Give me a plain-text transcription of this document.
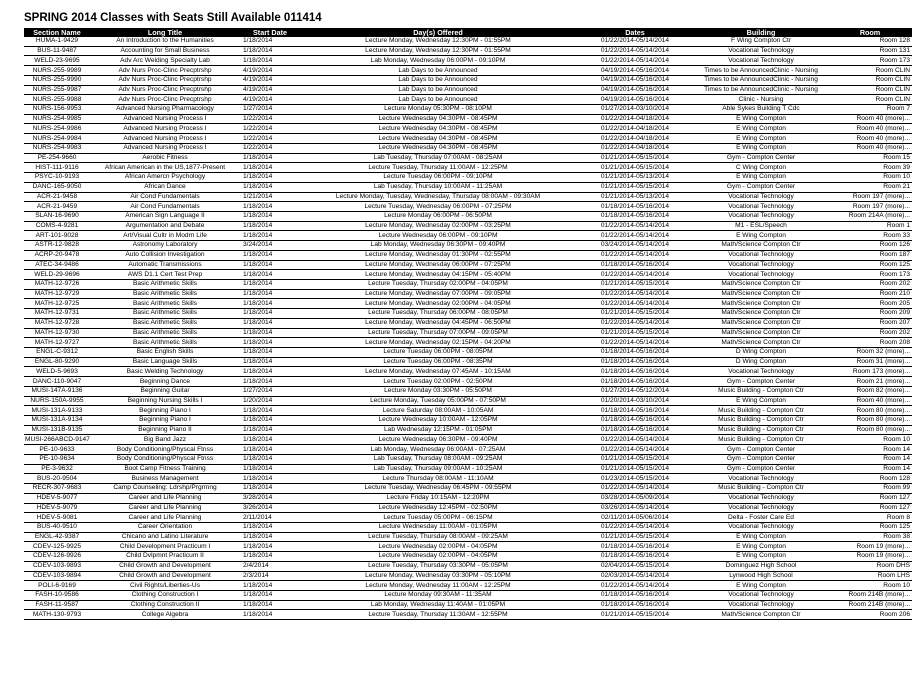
SPRING 2014 Classes with Seats Still Available 011414
Section Name	Long Title	Start Date	Day(s) Offered	Dates	Building	Room
HUMA-1-9429	An Introduction to the Humanities	1/18/2014	Lecture Monday, Wednesday 12:30PM - 01:55PM	01/22/2014-05/14/2014	F Wing Compton Ctr	Room 128
BUS-11-9487	Accounting for Small Business	1/18/2014	Lecture Monday, Wednesday 12:30PM - 01:55PM	01/22/2014-05/14/2014	Vocational Technology	Room 131
WELD-23-9695	Adv Arc Welding Specialty Lab	1/18/2014	Lab Monday, Wednesday 06:00PM - 09:10PM	01/22/2014-05/14/2014	Vocational Technology	Room 173
NURS-255-9989	Adv Nurs Proc-Clinc Precptrshp	4/19/2014	Lab Days to be Announced	04/19/2014-05/16/2014	Times to be AnnouncedClinic - Nursing	Room CLIN
NURS-255-9990	Adv Nurs Proc-Clinc Precptrshp	4/19/2014	Lab Days to be Announced	04/19/2014-05/16/2014	Times to be AnnouncedClinic - Nursing	Room CLIN
NURS-255-9987	Adv Nurs Proc-Clinc Precptrshp	4/19/2014	Lab Days to be Announced	04/19/2014-05/16/2014	Times to be AnnouncedClinic - Nursing	Room CLIN
NURS-255-9988	Adv Nurs Proc-Clinc Precptrshp	4/19/2014	Lab Days to be Announced	04/19/2014-05/16/2014	Clinic - Nursing	Room CLIN
NURS-156-9953	Advanced Nursing Pharmacology	1/27/2014	Lecture Monday 05:30PM - 08:10PM	01/27/2014-03/10/2014	Able Sykes Building T Cdc	Room 7
NURS-254-9985	Advanced Nursing Process I	1/22/2014	Lecture Wednesday 04:30PM - 08:45PM	01/22/2014-04/18/2014	E Wing Compton	Room 40 (more)...
NURS-254-9986	Advanced Nursing Process I	1/22/2014	Lecture Wednesday 04:30PM - 08:45PM	01/22/2014-04/18/2014	E Wing Compton	Room 40 (more)...
NURS-254-9984	Advanced Nursing Process I	1/22/2014	Lecture Wednesday 04:30PM - 08:45PM	01/22/2014-04/18/2014	E Wing Compton	Room 40 (more)...
NURS-254-9983	Advanced Nursing Process I	1/22/2014	Lecture Wednesday 04:30PM - 08:45PM	01/22/2014-04/18/2014	E Wing Compton	Room 40 (more)...
PE-254-9660	Aerobic Fitness	1/18/2014	Lab Tuesday, Thursday 07:00AM - 08:25AM	01/21/2014-05/15/2014	Gym - Compton Center	Room 15
HIST-111-9116	African American in the US,1877-Present	1/18/2014	Lecture Tuesday, Thursday 11:00AM - 12:25PM	01/21/2014-05/15/2014	C Wing Compton	Room 39
PSYC-10-9193	African Amercn Psychology	1/18/2014	Lecture Tuesday 06:00PM - 09:10PM	01/21/2014-05/13/2014	E Wing Compton	Room 10
DANC-165-9050	African Dance	1/18/2014	Lab Tuesday, Thursday 10:00AM - 11:25AM	01/21/2014-05/15/2014	Gym - Compton Center	Room 21
ACR-21-9458	Air Cond Fundamentals	1/21/2014	Lecture Monday, Tuesday, Wednesday, Thursday 08:00AM - 09:30AM	01/21/2014-05/13/2014	Vocational Technology	Room 197 (more)...
ACR-21-9459	Air Cond Fundamentals	1/18/2014	Lecture Tuesday, Wednesday 06:00PM - 07:25PM	01/18/2014-05/16/2014	Vocational Technology	Room 197 (more)...
SLAN-16-9690	American Sign Language II	1/18/2014	Lecture Monday 06:00PM - 06:50PM	01/18/2014-05/16/2014	Vocational Technology	Room 214A (more)...
COMS-4-9281	Argumentation and Debate	1/18/2014	Lecture Monday, Wednesday 02:00PM - 03:25PM	01/22/2014-05/14/2014	M1 - ESL/Speech	Room 1
ART-101-9028	Art/Visual Cultr in Modrn Life	1/18/2014	Lecture Wednesday 06:00PM - 09:10PM	01/22/2014-05/14/2014	E Wing Compton	Room 33
ASTR-12-9828	Astronomy Laboratory	3/24/2014	Lab Monday, Wednesday 06:30PM - 09:40PM	03/24/2014-05/14/2014	Math/Science Compton Ctr	Room 126
ACRP-20-9478	Auto Collision Investigation	1/18/2014	Lecture Monday, Wednesday 01:30PM - 02:55PM	01/22/2014-05/14/2014	Vocational Technology	Room 187
ATEC-34-9486	Automatic Transmissions	1/18/2014	Lecture Monday, Wednesday 06:00PM - 07:25PM	01/18/2014-05/16/2014	Vocational Technology	Room 125
WELD-29-9696	AWS D1.1 Cert Test Prep	1/18/2014	Lecture Monday, Wednesday 04:15PM - 05:40PM	01/22/2014-05/14/2014	Vocational Technology	Room 173
MATH-12-9726	Basic Arithmetic Skills	1/18/2014	Lecture Tuesday, Thursday 02:00PM - 04:05PM	01/21/2014-05/15/2014	Math/Science Compton Ctr	Room 202
MATH-12-9729	Basic Arithmetic Skills	1/18/2014	Lecture Monday, Wednesday 07:00PM - 09:05PM	01/22/2014-05/14/2014	Math/Science Compton Ctr	Room 210
MATH-12-9725	Basic Arithmetic Skills	1/18/2014	Lecture Monday, Wednesday 02:00PM - 04:05PM	01/22/2014-05/14/2014	Math/Science Compton Ctr	Room 205
MATH-12-9731	Basic Arithmetic Skills	1/18/2014	Lecture Tuesday, Thursday 06:00PM - 08:05PM	01/21/2014-05/15/2014	Math/Science Compton Ctr	Room 209
MATH-12-9728	Basic Arithmetic Skills	1/18/2014	Lecture Monday, Wednesday 04:45PM - 06:50PM	01/22/2014-05/14/2014	Math/Science Compton Ctr	Room 207
MATH-12-9730	Basic Arithmetic Skills	1/18/2014	Lecture Tuesday, Thursday 07:00PM - 09:05PM	01/21/2014-05/15/2014	Math/Science Compton Ctr	Room 202
MATH-12-9727	Basic Arithmetic Skills	1/18/2014	Lecture Monday, Wednesday 02:15PM - 04:20PM	01/22/2014-05/14/2014	Math/Science Compton Ctr	Room 208
ENGL-C-9312	Basic English Skills	1/18/2014	Lecture Tuesday 06:00PM - 08:05PM	01/18/2014-05/16/2014	D Wing Compton	Room 32 (more)...
ENGL-80-9290	Basic Language Skills	1/18/2014	Lecture Tuesday 06:00PM - 08:35PM	01/18/2014-05/16/2014	D Wing Compton	Room 31 (more)...
WELD-5-9693	Basic Welding Technology	1/18/2014	Lecture Monday, Wednesday 07:45AM - 10:15AM	01/18/2014-05/16/2014	Vocational Technology	Room 173 (more)...
DANC-110-9047	Beginning Dance	1/18/2014	Lecture Tuesday 02:00PM - 02:50PM	01/18/2014-05/16/2014	Gym - Compton Center	Room 21 (more)...
MUSI-147A-9136	Beginning Guitar	1/27/2014	Lecture Monday 03:30PM - 05:50PM	01/27/2014-05/12/2014	Music Building - Compton Ctr	Room 82 (more)...
NURS-150A-9955	Beginning Nursing Skills I	1/20/2014	Lecture Monday, Tuesday 05:00PM - 07:50PM	01/20/2014-03/10/2014	E Wing Compton	Room 40 (more)...
MUSI-131A-9133	Beginning Piano I	1/18/2014	Lecture Saturday 08:00AM - 10:05AM	01/18/2014-05/16/2014	Music Building - Compton Ctr	Room 80 (more)...
MUSI-131A-9134	Beginning Piano I	1/18/2014	Lecture Wednesday 10:00AM - 12:05PM	01/18/2014-05/16/2014	Music Building - Compton Ctr	Room 80 (more)...
MUSI-131B-9135	Beginning Piano II	1/18/2014	Lab Wednesday 12:15PM - 01:05PM	01/18/2014-05/16/2014	Music Building - Compton Ctr	Room 80 (more)...
MUSI-266ABCD-9147	Big Band Jazz	1/18/2014	Lecture Wednesday 06:30PM - 09:40PM	01/22/2014-05/14/2014	Music Building - Compton Ctr	Room 10
PE-10-9633	Body Conditioning/Physcal Ftnss	1/18/2014	Lab Monday, Wednesday 06:00AM - 07:25AM	01/22/2014-05/14/2014	Gym - Compton Center	Room 14
PE-10-9634	Body Conditioning/Physcal Ftnss	1/18/2014	Lab Tuesday, Thursday 08:00AM - 09:25AM	01/21/2014-05/15/2014	Gym - Compton Center	Room 14
PE-3-9632	Boot Camp Fitness Training	1/18/2014	Lab Tuesday, Thursday 09:00AM - 10:25AM	01/21/2014-05/15/2014	Gym - Compton Center	Room 14
BUS-20-9504	Business Management	1/18/2014	Lecture Thursday 08:00AM - 11:10AM	01/23/2014-05/15/2014	Vocational Technology	Room 128
RECR-307-9683	Camp Counseling: Ldrshp/Prgrmng	1/18/2014	Lecture Tuesday, Wednesday 06:45PM - 09:55PM	01/22/2014-05/14/2014	Music Building - Compton Ctr	Room 99
HDEV-5-9077	Career and Life Planning	3/28/2014	Lecture Friday 10:15AM - 12:20PM	03/28/2014-05/09/2014	Vocational Technology	Room 127
HDEV-5-9079	Career and Life Planning	3/26/2014	Lecture Wednesday 12:45PM - 02:50PM	03/26/2014-05/14/2014	Vocational Technology	Room 127
HDEV-5-9081	Career and Life Planning	2/11/2014	Lecture Tuesday 05:00PM - 06:15PM	02/11/2014-05/06/2014	Delta - Foster Care Ed	Room 8
BUS-40-9510	Career Orientation	1/18/2014	Lecture Wednesday 11:00AM - 01:05PM	01/22/2014-05/14/2014	Vocational Technology	Room 125
ENGL-42-9387	Chicano and Latino Literature	1/18/2014	Lecture Tuesday, Thursday 08:00AM - 09:25AM	01/21/2014-05/15/2014	E Wing Compton	Room 38
CDEV-125-9925	Child Development Practicum I	1/18/2014	Lecture Wednesday 02:00PM - 04:05PM	01/18/2014-05/16/2014	E Wing Compton	Room 19 (more)...
CDEV-126-9926	Child Dvlpmnt Practicum II	1/18/2014	Lecture Wednesday 02:00PM - 04:05PM	01/18/2014-05/16/2014	E Wing Compton	Room 19 (more)...
CDEV-103-9893	Child Growth and Development	2/4/2014	Lecture Tuesday, Thursday 03:30PM - 05:05PM	02/04/2014-05/15/2014	Dominguez High School	Room DHS
CDEV-103-9894	Child Growth and Development	2/3/2014	Lecture Monday, Wednesday 03:30PM - 05:10PM	02/03/2014-05/14/2014	Lynwood High School	Room LHS
POLI-6-9169	Civil Rights/Liberties-Us	1/18/2014	Lecture Monday, Wednesday 11:00AM - 12:25PM	01/22/2014-05/14/2014	E Wing Compton	Room 10
FASH-10-9586	Clothing Construction I	1/18/2014	Lecture Monday 09:30AM - 11:35AM	01/18/2014-05/16/2014	Vocational Technology	Room 214B (more)...
FASH-11-9587	Clothing Construction II	1/18/2014	Lab Monday, Wednesday 11:40AM - 01:05PM	01/18/2014-05/16/2014	Vocational Technology	Room 214B (more)...
MATH-130-9793	College Algebra	1/18/2014	Lecture Tuesday, Thursday 11:30AM - 12:55PM	01/21/2014-05/15/2014	Math/Science Compton Ctr	Room 206
